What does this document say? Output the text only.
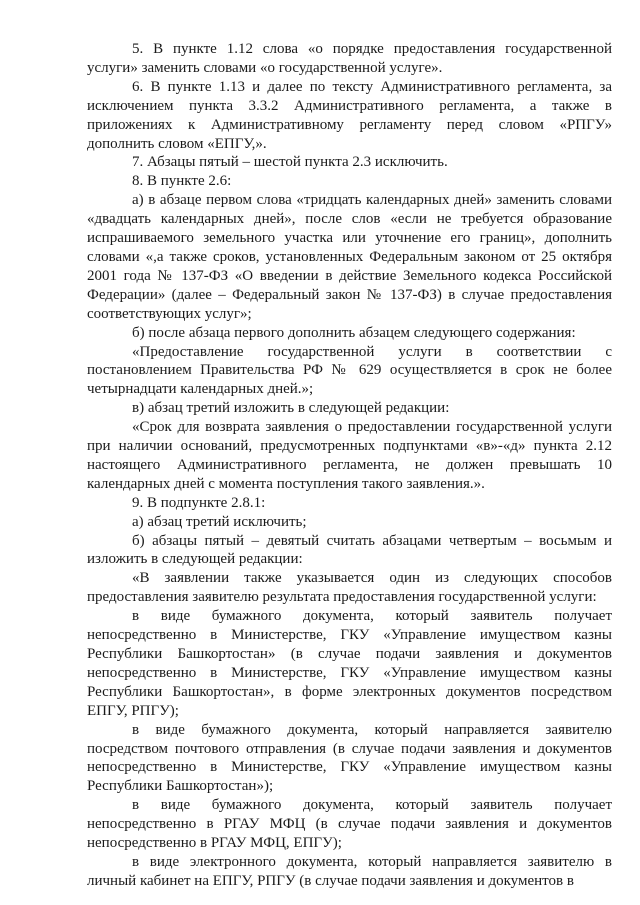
5. В пункте 1.12 слова «о порядке предоставления государственной услуги» заменить словами «о государственной услуге».

6. В пункте 1.13 и далее по тексту Административного регламента, за исключением пункта 3.3.2 Административного регламента, а также в приложениях к Административному регламенту перед словом «РПГУ» дополнить словом «ЕПГУ,».

7. Абзацы пятый – шестой пункта 2.3 исключить.

8. В пункте 2.6:

а) в абзаце первом слова «тридцать календарных дней» заменить словами «двадцать календарных дней», после слов «если не требуется образование испрашиваемого земельного участка или уточнение его границ», дополнить словами «,а также сроков, установленных Федеральным законом от 25 октября 2001 года № 137-ФЗ «О введении в действие Земельного кодекса Российской Федерации» (далее – Федеральный закон № 137-ФЗ) в случае предоставления соответствующих услуг»;

б) после абзаца первого дополнить абзацем следующего содержания:

«Предоставление государственной услуги в соответствии с постановлением Правительства РФ № 629 осуществляется в срок не более четырнадцати календарных дней.»;

в) абзац третий изложить в следующей редакции:

«Срок для возврата заявления о предоставлении государственной услуги при наличии оснований, предусмотренных подпунктами «в»-«д» пункта 2.12 настоящего Административного регламента, не должен превышать 10 календарных дней с момента поступления такого заявления.».

9. В подпункте 2.8.1:

а) абзац третий исключить;

б) абзацы пятый – девятый считать абзацами четвертым – восьмым и изложить в следующей редакции:

«В заявлении также указывается один из следующих способов предоставления заявителю результата предоставления государственной услуги:

в виде бумажного документа, который заявитель получает непосредственно в Министерстве, ГКУ «Управление имуществом казны Республики Башкортостан» (в случае подачи заявления и документов непосредственно в Министерстве, ГКУ «Управление имуществом казны Республики Башкортостан», в форме электронных документов посредством ЕПГУ, РПГУ);

в виде бумажного документа, который направляется заявителю посредством почтового отправления (в случае подачи заявления и документов непосредственно в Министерстве, ГКУ «Управление имуществом казны Республики Башкортостан»);

в виде бумажного документа, который заявитель получает непосредственно в РГАУ МФЦ (в случае подачи заявления и документов непосредственно в РГАУ МФЦ, ЕПГУ);

в виде электронного документа, который направляется заявителю в личный кабинет на ЕПГУ, РПГУ (в случае подачи заявления и документов в
